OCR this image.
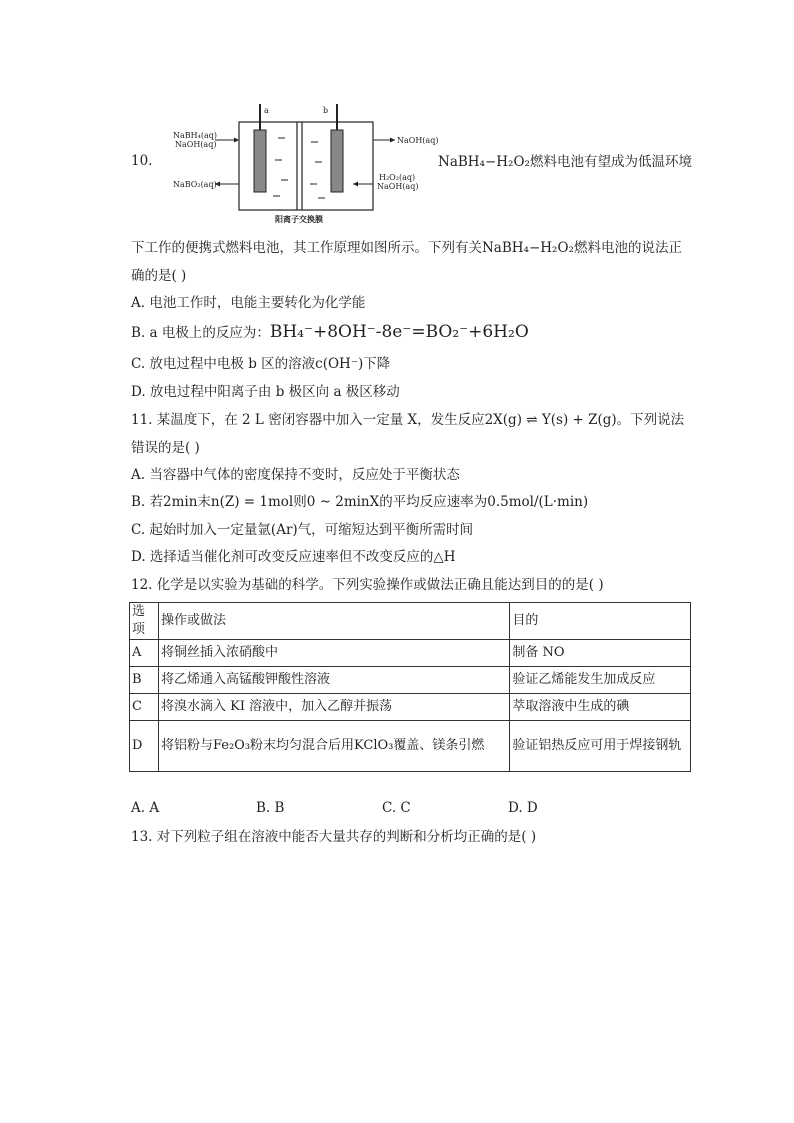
10.
a	b
NaBH₄(aq)
NaOH(aq)
NaBO₂(aq)
NaOH(aq)
H₂O₂(aq)
NaOH(aq)
阳离子交换膜
NaBH₄−H₂O₂燃料电池有望成为低温环境
下工作的便携式燃料电池，其工作原理如图所示。下列有关NaBH₄−H₂O₂燃料电池的说法正
确的是( )
A. 电池工作时，电能主要转化为化学能
B. a 电极上的反应为：BH₄⁻+8OH⁻-8e⁻=BO₂⁻+6H₂O
C. 放电过程中电极 b 区的溶液c(OH⁻)下降
D. 放电过程中阳离子由 b 极区向 a 极区移动
11. 某温度下，在 2 L 密闭容器中加入一定量 X，发生反应2X(g) ⇌ Y(s) + Z(g)。下列说法
错误的是( )
A. 当容器中气体的密度保持不变时，反应处于平衡状态
B. 若2min末n(Z) = 1mol则0 ~ 2minX的平均反应速率为0.5mol/(L·min)
C. 起始时加入一定量氩(Ar)气，可缩短达到平衡所需时间
D. 选择适当催化剂可改变反应速率但不改变反应的△H
12. 化学是以实验为基础的科学。下列实验操作或做法正确且能达到目的的是( )
选项	操作或做法	目的
A	将铜丝插入浓硝酸中	制备 NO
B	将乙烯通入高锰酸钾酸性溶液	验证乙烯能发生加成反应
C	将溴水滴入 KI 溶液中，加入乙醇并振荡	萃取溶液中生成的碘
D	将铝粉与Fe₂O₃粉末均匀混合后用KClO₃覆盖、镁条引燃	验证铝热反应可用于焊接钢轨
A. A	B. B	C. C	D. D
13. 对下列粒子组在溶液中能否大量共存的判断和分析均正确的是( )
